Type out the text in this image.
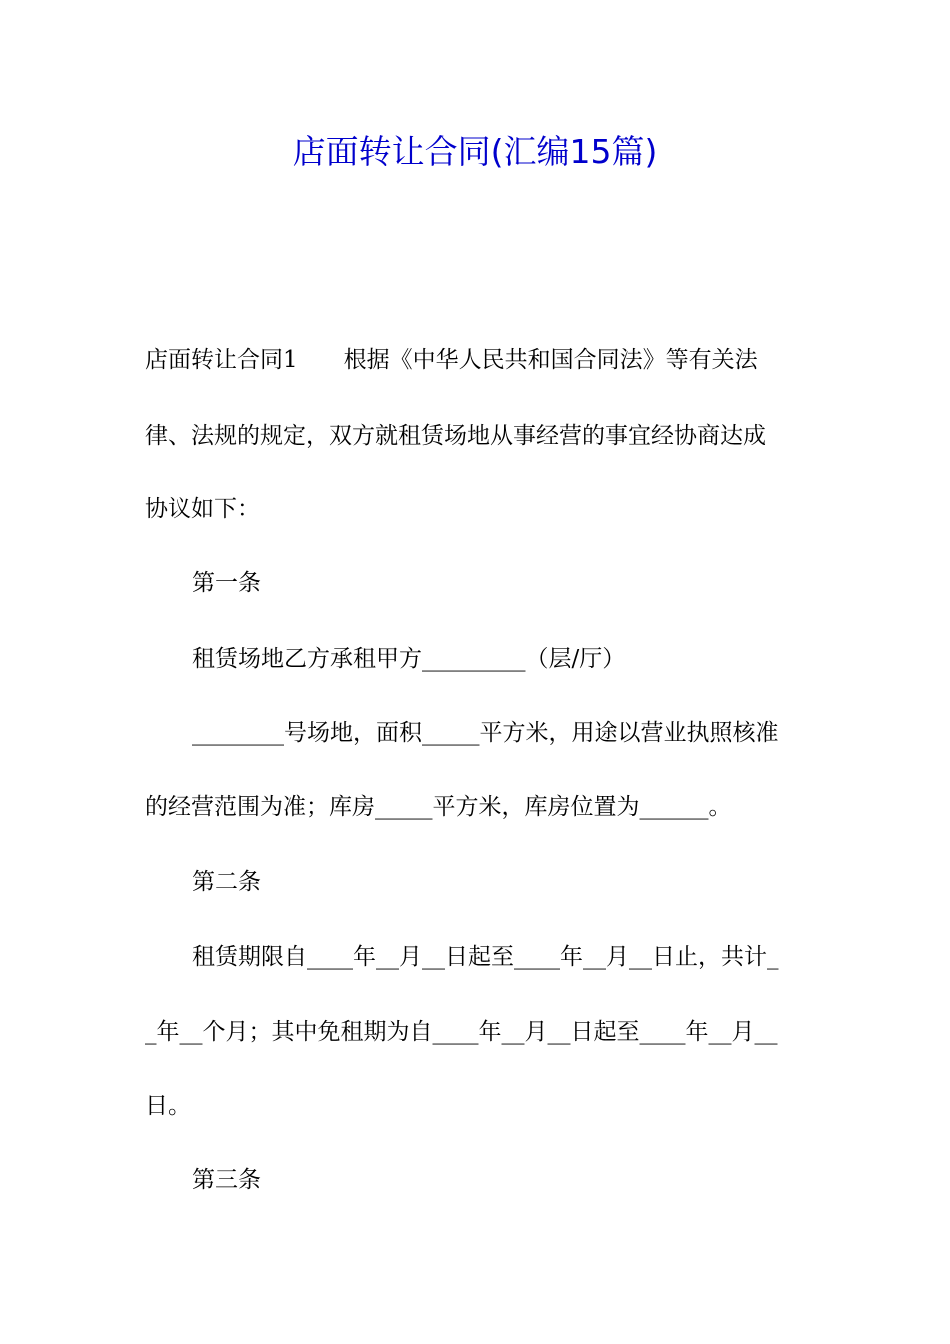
店面转让合同(汇编15篇)
店面转让合同1　　根据《中华人民共和国合同法》等有关法
律、法规的规定，双方就租赁场地从事经营的事宜经协商达成
协议如下：
第一条
租赁场地乙方承租甲方_________（层/厅）
________号场地，面积_____平方米，用途以营业执照核准
的经营范围为准；库房_____平方米，库房位置为______。
第二条
租赁期限自____年__月__日起至____年__月__日止，共计_
_年__个月；其中免租期为自____年__月__日起至____年__月__
日。
第三条
